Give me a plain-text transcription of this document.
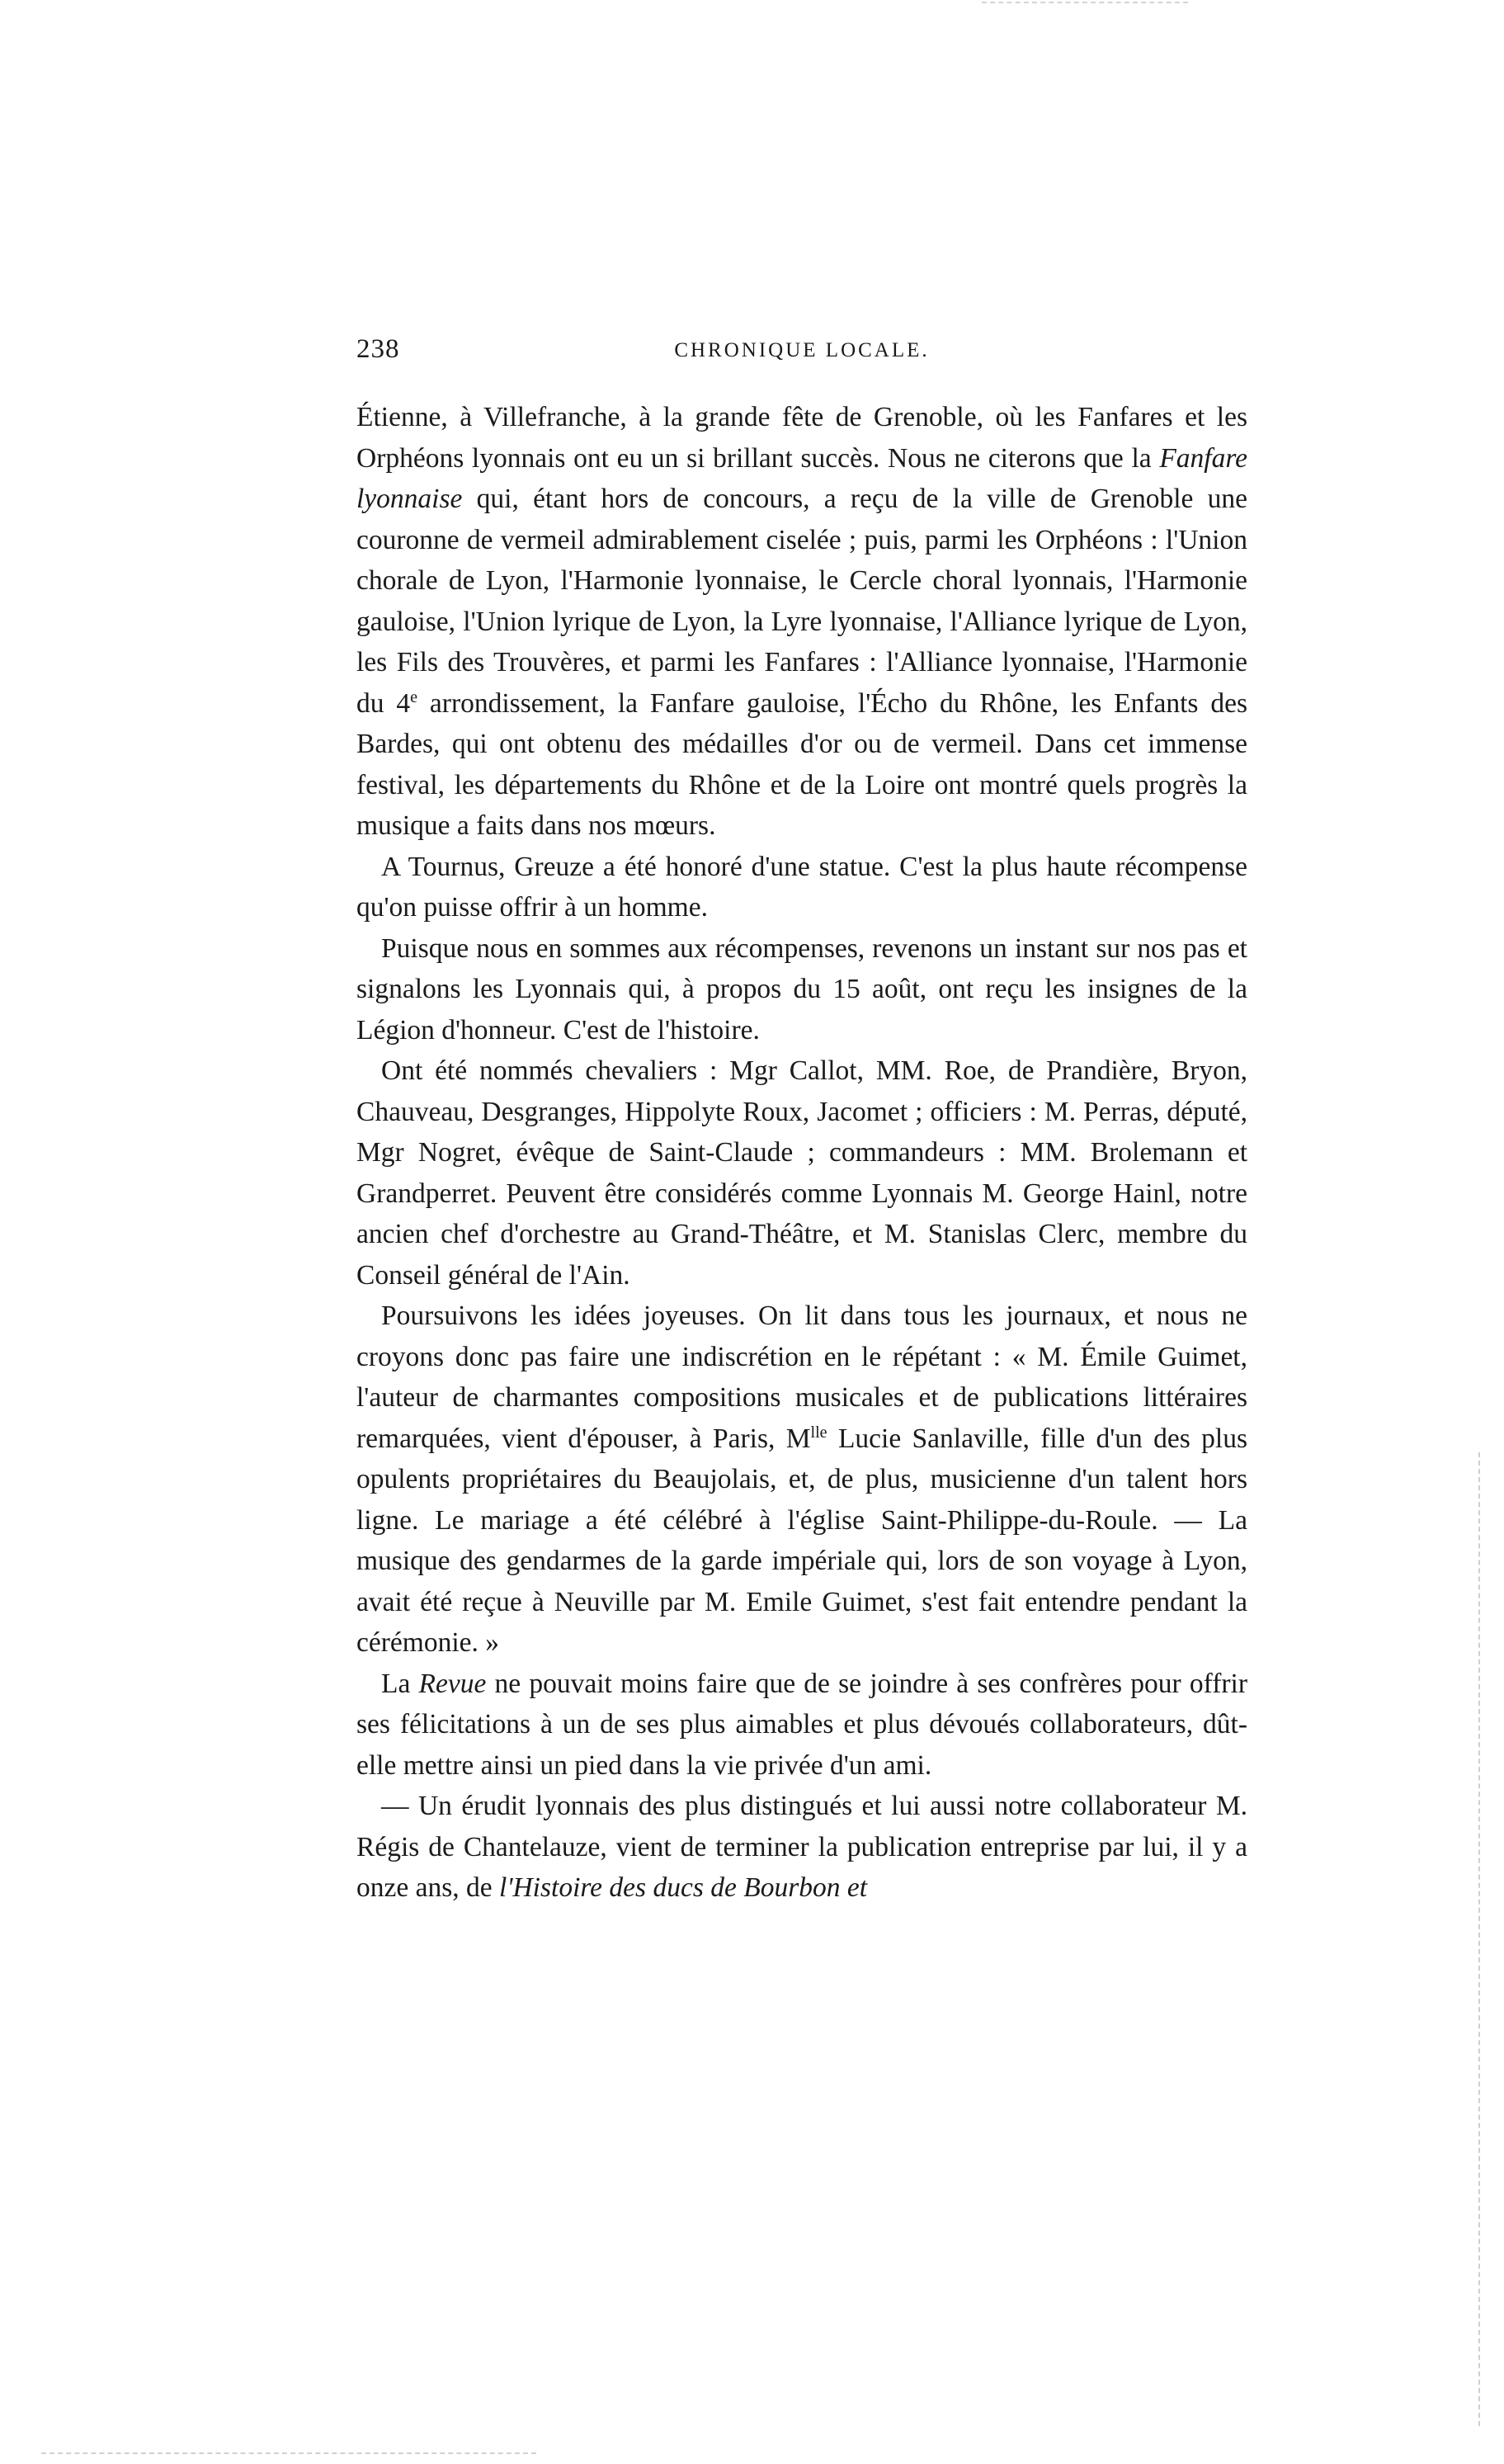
238	CHRONIQUE LOCALE.

Étienne, à Villefranche, à la grande fête de Grenoble, où les Fanfares et les Orphéons lyonnais ont eu un si brillant succès. Nous ne citerons que la Fanfare lyonnaise qui, étant hors de concours, a reçu de la ville de Grenoble une couronne de vermeil admirablement ciselée ; puis, parmi les Orphéons : l'Union chorale de Lyon, l'Harmonie lyonnaise, le Cercle choral lyonnais, l'Harmonie gauloise, l'Union lyrique de Lyon, la Lyre lyonnaise, l'Alliance lyrique de Lyon, les Fils des Trouvères, et parmi les Fanfares : l'Alliance lyonnaise, l'Harmonie du 4e arrondissement, la Fanfare gauloise, l'Écho du Rhône, les Enfants des Bardes, qui ont obtenu des médailles d'or ou de vermeil. Dans cet immense festival, les départements du Rhône et de la Loire ont montré quels progrès la musique a faits dans nos mœurs.

A Tournus, Greuze a été honoré d'une statue. C'est la plus haute récompense qu'on puisse offrir à un homme.

Puisque nous en sommes aux récompenses, revenons un instant sur nos pas et signalons les Lyonnais qui, à propos du 15 août, ont reçu les insignes de la Légion d'honneur. C'est de l'histoire.

Ont été nommés chevaliers : Mgr Callot, MM. Roe, de Prandière, Bryon, Chauveau, Desgranges, Hippolyte Roux, Jacomet ; officiers : M. Perras, député, Mgr Nogret, évêque de Saint-Claude ; commandeurs : MM. Brolemann et Grandperret. Peuvent être considérés comme Lyonnais M. George Hainl, notre ancien chef d'orchestre au Grand-Théâtre, et M. Stanislas Clerc, membre du Conseil général de l'Ain.

Poursuivons les idées joyeuses. On lit dans tous les journaux, et nous ne croyons donc pas faire une indiscrétion en le répétant : « M. Émile Guimet, l'auteur de charmantes compositions musicales et de publications littéraires remarquées, vient d'épouser, à Paris, $M^{lle}$ Lucie Sanlaville, fille d'un des plus opulents propriétaires du Beaujolais, et, de plus, musicienne d'un talent hors ligne. Le mariage a été célébré à l'église Saint-Philippe-du-Roule. — La musique des gendarmes de la garde impériale qui, lors de son voyage à Lyon, avait été reçue à Neuville par M. Emile Guimet, s'est fait entendre pendant la cérémonie. »

La Revue ne pouvait moins faire que de se joindre à ses confrères pour offrir ses félicitations à un de ses plus aimables et plus dévoués collaborateurs, dût-elle mettre ainsi un pied dans la vie privée d'un ami.

— Un érudit lyonnais des plus distingués et lui aussi notre collaborateur M. Régis de Chantelauze, vient de terminer la publication entreprise par lui, il y a onze ans, de l'Histoire des ducs de Bourbon et
